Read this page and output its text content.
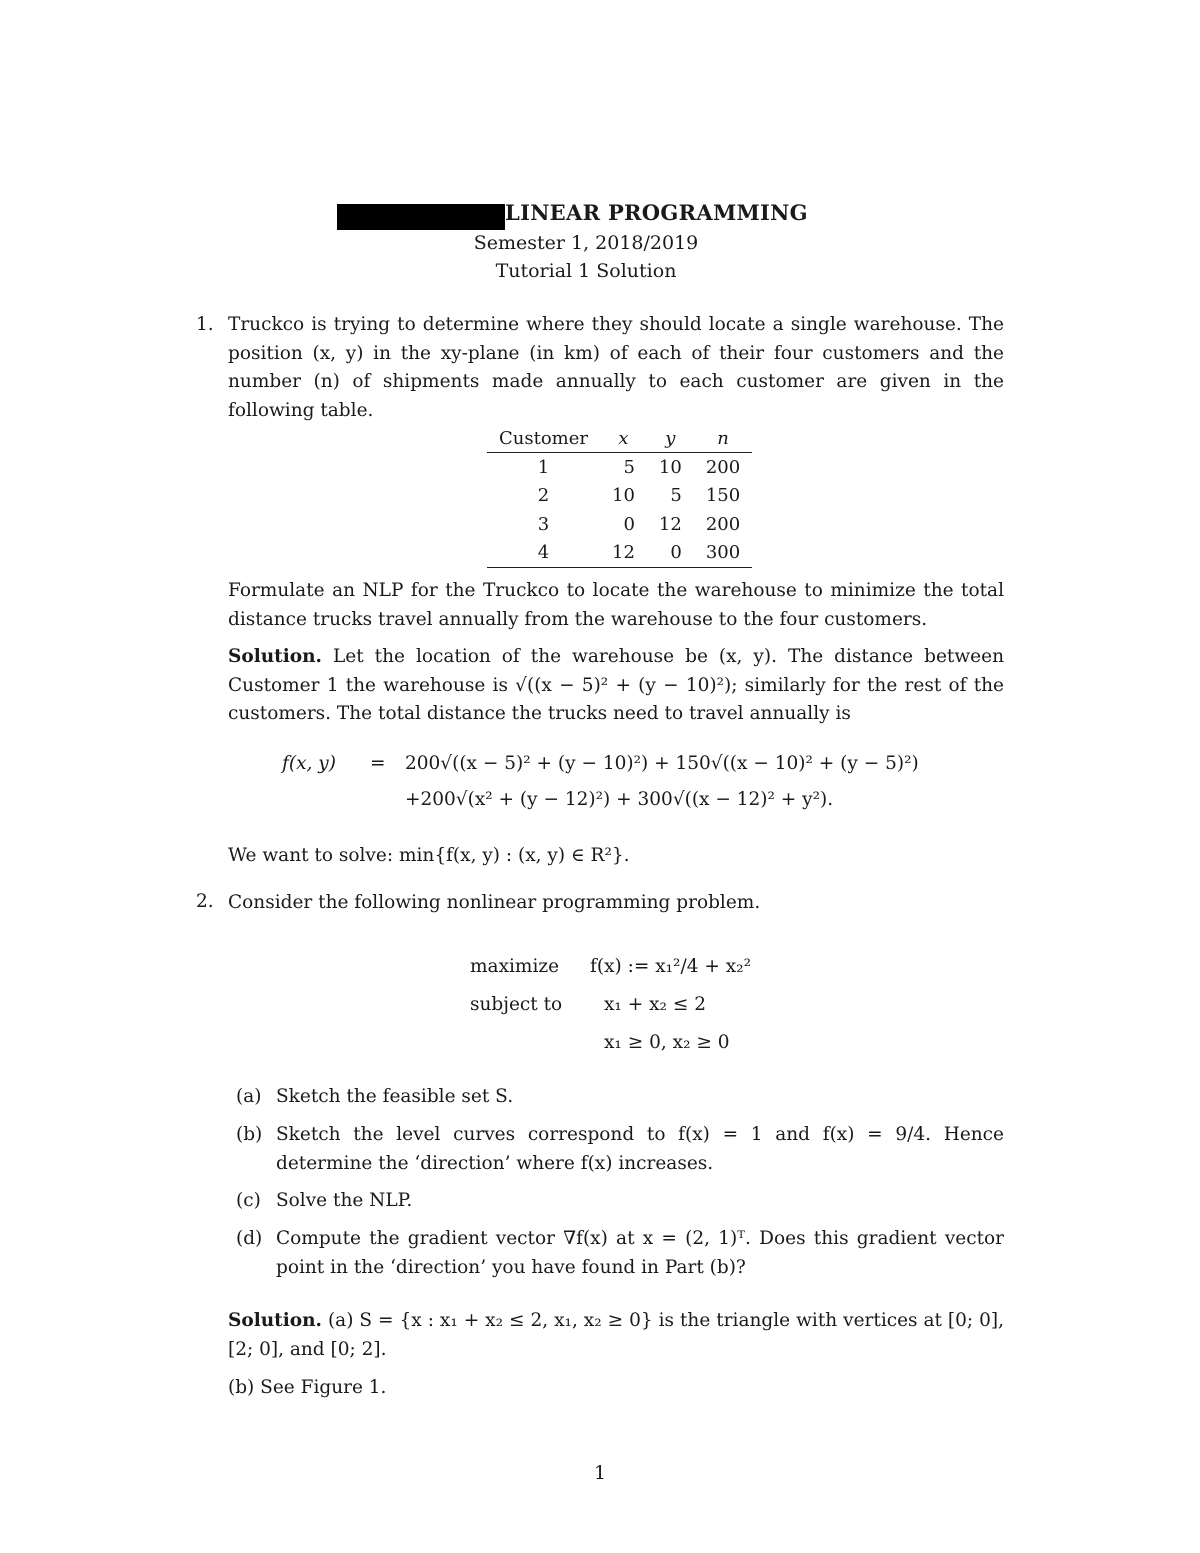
LINEAR PROGRAMMING
Semester 1, 2018/2019
Tutorial 1 Solution
1. Truckco is trying to determine where they should locate a single warehouse. The position (x, y) in the xy-plane (in km) of each of their four customers and the number (n) of shipments made annually to each customer are given in the following table.
Customer	x	y	n
1	5	10	200
2	10	5	150
3	0	12	200
4	12	0	300
Formulate an NLP for the Truckco to locate the warehouse to minimize the total distance trucks travel annually from the warehouse to the four customers.
Solution. Let the location of the warehouse be (x, y). The distance between Customer 1 the warehouse is √((x − 5)² + (y − 10)²); similarly for the rest of the customers. The total distance the trucks need to travel annually is
f(x, y) = 200√((x − 5)² + (y − 10)²) + 150√((x − 10)² + (y − 5)²)
+200√(x² + (y − 12)²) + 300√((x − 12)² + y²).
We want to solve: min{f(x, y) : (x, y) ∈ R²}.
2. Consider the following nonlinear programming problem.
maximize f(x) := x₁²/4 + x₂²
subject to x₁ + x₂ ≤ 2
x₁ ≥ 0, x₂ ≥ 0
(a) Sketch the feasible set S.
(b) Sketch the level curves correspond to f(x) = 1 and f(x) = 9/4. Hence determine the ‘direction’ where f(x) increases.
(c) Solve the NLP.
(d) Compute the gradient vector ∇f(x) at x = (2, 1)ᵀ. Does this gradient vector point in the ‘direction’ you have found in Part (b)?
Solution. (a) S = {x : x₁ + x₂ ≤ 2, x₁, x₂ ≥ 0} is the triangle with vertices at [0; 0], [2; 0], and [0; 2].
(b) See Figure 1.
1
